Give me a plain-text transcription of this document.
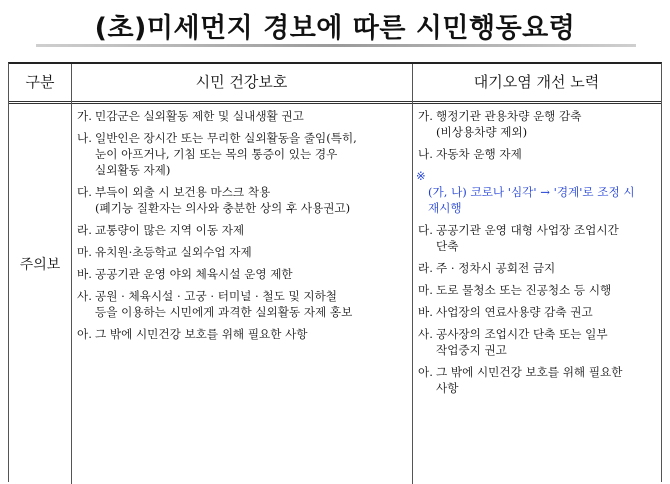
(초)미세먼지 경보에 따른 시민행동요령
구분	시민 건강보호	대기오염 개선 노력
주의보
가. 민감군은 실외활동 제한 및 실내생활 권고
나. 일반인은 장시간 또는 무리한 실외활동을 줄임(특히,
눈이 아프거나, 기침 또는 목의 통증이 있는 경우
실외활동 자제)
다. 부득이 외출 시 보건용 마스크 착용
(폐기능 질환자는 의사와 충분한 상의 후 사용권고)
라. 교통량이 많은 지역 이동 자제
마. 유치원·초등학교 실외수업 자제
바. 공공기관 운영 야외 체육시설 운영 제한
사. 공원 · 체육시설 · 고궁 · 터미널 · 철도 및 지하철
등을 이용하는 시민에게 과격한 실외활동 자제 홍보
아. 그 밖에 시민건강 보호를 위해 필요한 사항
가. 행정기관 관용차량 운행 감축
(비상용차량 제외)
나. 자동차 운행 자제
※
(가, 나) 코로나 '심각' → '경계'로 조정 시
재시행
다. 공공기관 운영 대형 사업장 조업시간
단축
라. 주 · 정차시 공회전 금지
마. 도로 물청소 또는 진공청소 등 시행
바. 사업장의 연료사용량 감축 권고
사. 공사장의 조업시간 단축 또는 일부
작업중지 권고
아. 그 밖에 시민건강 보호를 위해 필요한
사항
